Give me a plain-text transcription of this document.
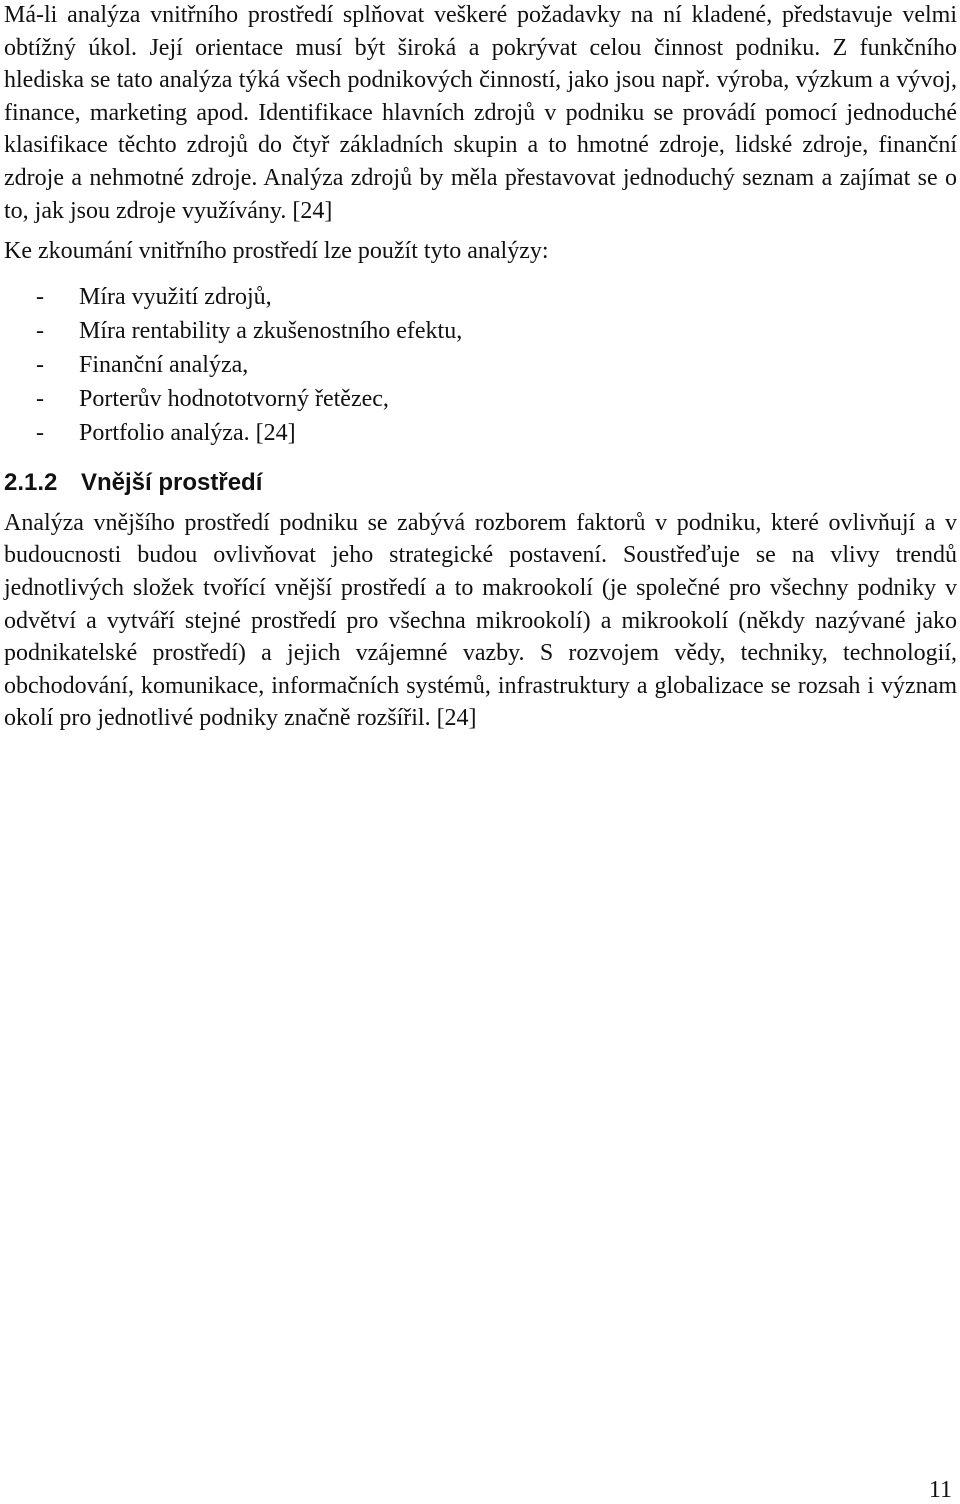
Má-li analýza vnitřního prostředí splňovat veškeré požadavky na ní kladené, představuje velmi obtížný úkol. Její orientace musí být široká a pokrývat celou činnost podniku. Z funkčního hlediska se tato analýza týká všech podnikových činností, jako jsou např. výroba, výzkum a vývoj, finance, marketing apod. Identifikace hlavních zdrojů v podniku se provádí pomocí jednoduché klasifikace těchto zdrojů do čtyř základních skupin a to hmotné zdroje, lidské zdroje, finanční zdroje a nehmotné zdroje. Analýza zdrojů by měla přestavovat jednoduchý seznam a zajímat se o to, jak jsou zdroje využívány. [24]

Ke zkoumání vnitřního prostředí lze použít tyto analýzy:

- Míra využití zdrojů,
- Míra rentability a zkušenostního efektu,
- Finanční analýza,
- Porterův hodnototvorný řetězec,
- Portfolio analýza. [24]
2.1.2 Vnější prostředí

Analýza vnějšího prostředí podniku se zabývá rozborem faktorů v podniku, které ovlivňují a v budoucnosti budou ovlivňovat jeho strategické postavení. Soustřeďuje se na vlivy trendů jednotlivých složek tvořící vnější prostředí a to makrookolí (je společné pro všechny podniky v odvětví a vytváří stejné prostředí pro všechna mikrookolí) a mikrookolí (někdy nazývané jako podnikatelské prostředí) a jejich vzájemné vazby. S rozvojem vědy, techniky, technologií, obchodování, komunikace, informačních systémů, infrastruktury a globalizace se rozsah i význam okolí pro jednotlivé podniky značně rozšířil. [24]

11
